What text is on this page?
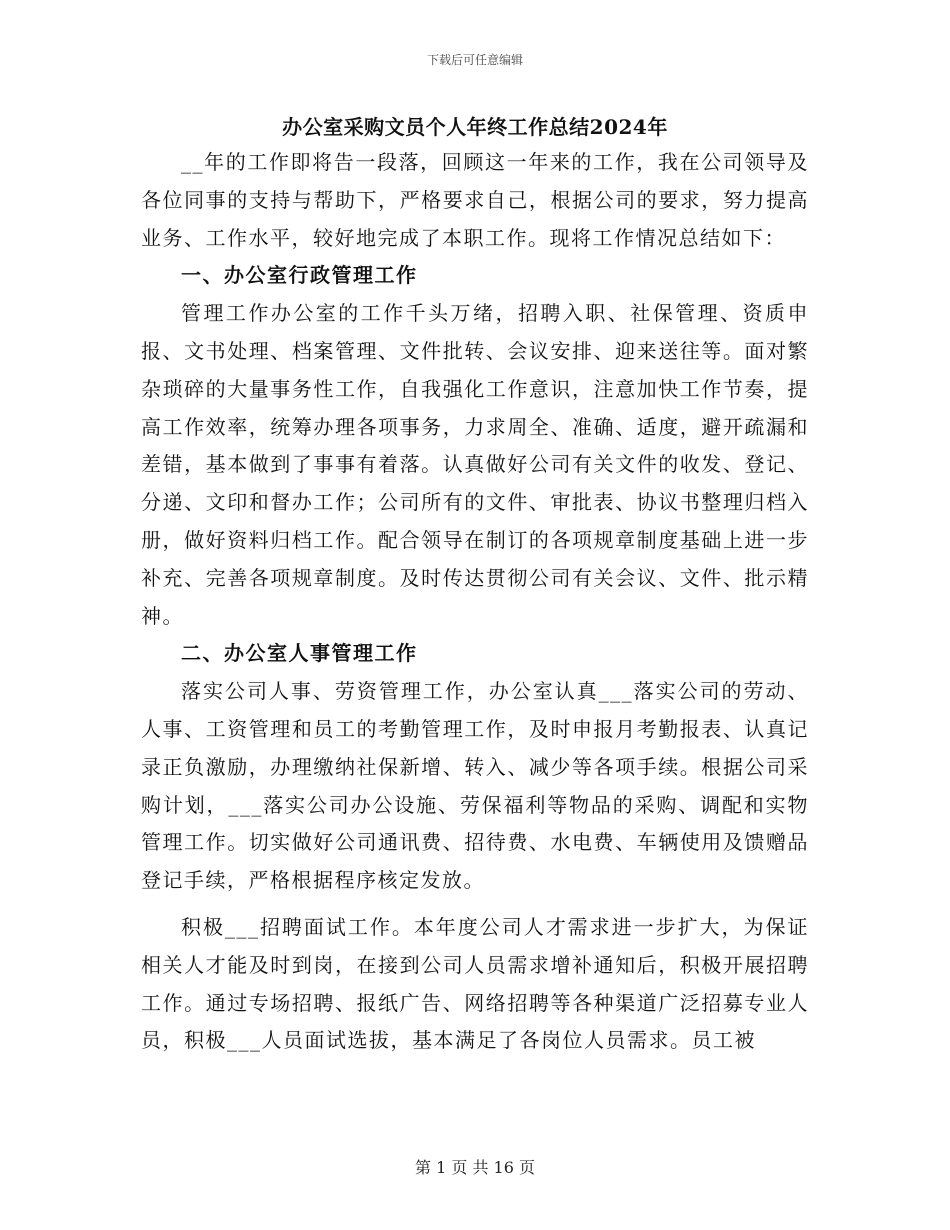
下载后可任意编辑
办公室采购文员个人年终工作总结2024年

__年的工作即将告一段落，回顾这一年来的工作，我在公司领导及各位同事的支持与帮助下，严格要求自己，根据公司的要求，努力提高业务、工作水平，较好地完成了本职工作。现将工作情况总结如下：

一、办公室行政管理工作

管理工作办公室的工作千头万绪，招聘入职、社保管理、资质申报、文书处理、档案管理、文件批转、会议安排、迎来送往等。面对繁杂琐碎的大量事务性工作，自我强化工作意识，注意加快工作节奏，提高工作效率，统筹办理各项事务，力求周全、准确、适度，避开疏漏和差错，基本做到了事事有着落。认真做好公司有关文件的收发、登记、分递、文印和督办工作；公司所有的文件、审批表、协议书整理归档入册，做好资料归档工作。配合领导在制订的各项规章制度基础上进一步补充、完善各项规章制度。及时传达贯彻公司有关会议、文件、批示精神。

二、办公室人事管理工作

落实公司人事、劳资管理工作，办公室认真___落实公司的劳动、人事、工资管理和员工的考勤管理工作，及时申报月考勤报表、认真记录正负激励，办理缴纳社保新增、转入、减少等各项手续。根据公司采购计划，___落实公司办公设施、劳保福利等物品的采购、调配和实物管理工作。切实做好公司通讯费、招待费、水电费、车辆使用及馈赠品登记手续，严格根据程序核定发放。

积极___招聘面试工作。本年度公司人才需求进一步扩大，为保证相关人才能及时到岗，在接到公司人员需求增补通知后，积极开展招聘工作。通过专场招聘、报纸广告、网络招聘等各种渠道广泛招募专业人员，积极___人员面试选拔，基本满足了各岗位人员需求。员工被

第 1 页 共 16 页
